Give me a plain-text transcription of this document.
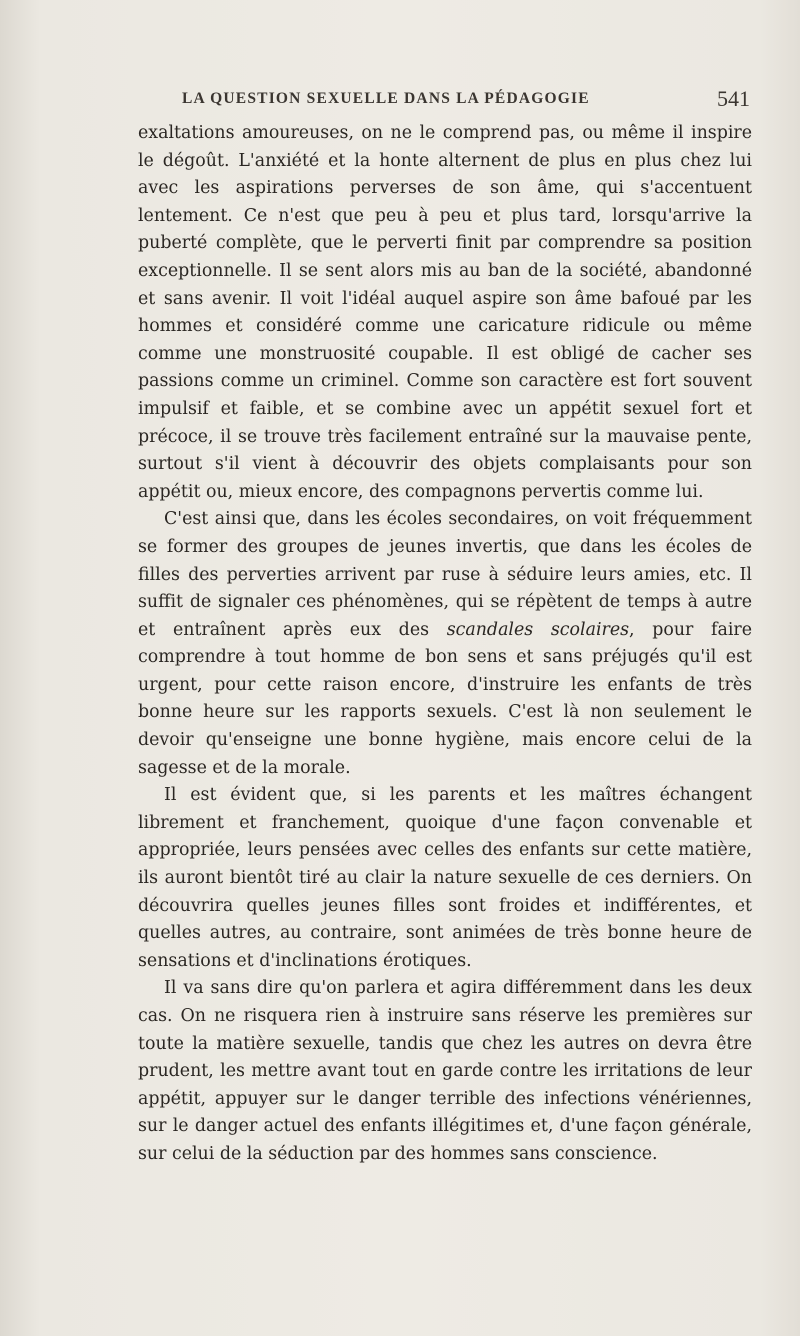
LA QUESTION SEXUELLE DANS LA PÉDAGOGIE	541

exaltations amoureuses, on ne le comprend pas, ou même il inspire le dégoût. L'anxiété et la honte alternent de plus en plus chez lui avec les aspirations perverses de son âme, qui s'accentuent lentement. Ce n'est que peu à peu et plus tard, lorsqu'arrive la puberté complète, que le perverti finit par comprendre sa position exceptionnelle. Il se sent alors mis au ban de la société, abandonné et sans avenir. Il voit l'idéal auquel aspire son âme bafoué par les hommes et considéré comme une caricature ridicule ou même comme une monstruosité coupable. Il est obligé de cacher ses passions comme un criminel. Comme son caractère est fort souvent impulsif et faible, et se combine avec un appétit sexuel fort et précoce, il se trouve très facilement entraîné sur la mauvaise pente, surtout s'il vient à découvrir des objets complaisants pour son appétit ou, mieux encore, des compagnons pervertis comme lui.

C'est ainsi que, dans les écoles secondaires, on voit fréquemment se former des groupes de jeunes invertis, que dans les écoles de filles des perverties arrivent par ruse à séduire leurs amies, etc. Il suffit de signaler ces phénomènes, qui se répètent de temps à autre et entraînent après eux des scandales scolaires, pour faire comprendre à tout homme de bon sens et sans préjugés qu'il est urgent, pour cette raison encore, d'instruire les enfants de très bonne heure sur les rapports sexuels. C'est là non seulement le devoir qu'enseigne une bonne hygiène, mais encore celui de la sagesse et de la morale.

Il est évident que, si les parents et les maîtres échangent librement et franchement, quoique d'une façon convenable et appropriée, leurs pensées avec celles des enfants sur cette matière, ils auront bientôt tiré au clair la nature sexuelle de ces derniers. On découvrira quelles jeunes filles sont froides et indifférentes, et quelles autres, au contraire, sont animées de très bonne heure de sensations et d'inclinations érotiques.

Il va sans dire qu'on parlera et agira différemment dans les deux cas. On ne risquera rien à instruire sans réserve les premières sur toute la matière sexuelle, tandis que chez les autres on devra être prudent, les mettre avant tout en garde contre les irritations de leur appétit, appuyer sur le danger terrible des infections vénériennes, sur le danger actuel des enfants illégitimes et, d'une façon générale, sur celui de la séduction par des hommes sans conscience.
